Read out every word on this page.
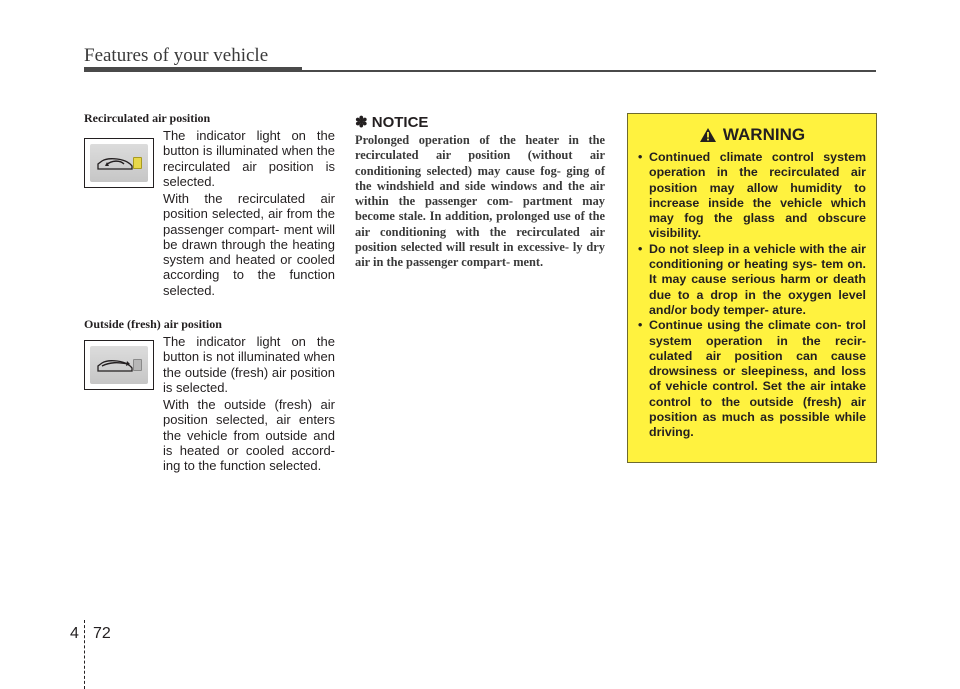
Features of your vehicle
Recirculated air position
The indicator light on the button is illuminated when the recirculated air position is selected.
With the recirculated air position selected, air from the passenger compart- ment will be drawn through the heating system and heated or cooled according to the function selected.
Outside (fresh) air position
The indicator light on the button is not illuminated when the outside (fresh) air position is selected.
With the outside (fresh) air position selected, air enters the vehicle from outside and is heated or cooled accord- ing to the function selected.
✽ NOTICE
Prolonged operation of the heater in the recirculated air position (without air conditioning selected) may cause fog- ging of the windshield and side windows and the air within the passenger com- partment may become stale. In addition, prolonged use of the air conditioning with the recirculated air position selected will result in excessive- ly dry air in the passenger compart- ment.
WARNING
• Continued climate control system operation in the recirculated air position may allow humidity to increase inside the vehicle which may fog the glass and obscure visibility.
• Do not sleep in a vehicle with the air conditioning or heating sys- tem on. It may cause serious harm or death due to a drop in the oxygen level and/or body temper- ature.
• Continue using the climate con- trol system operation in the recir- culated air position can cause drowsiness or sleepiness, and loss of vehicle control. Set the air intake control to the outside (fresh) air position as much as possible while driving.
4 72
